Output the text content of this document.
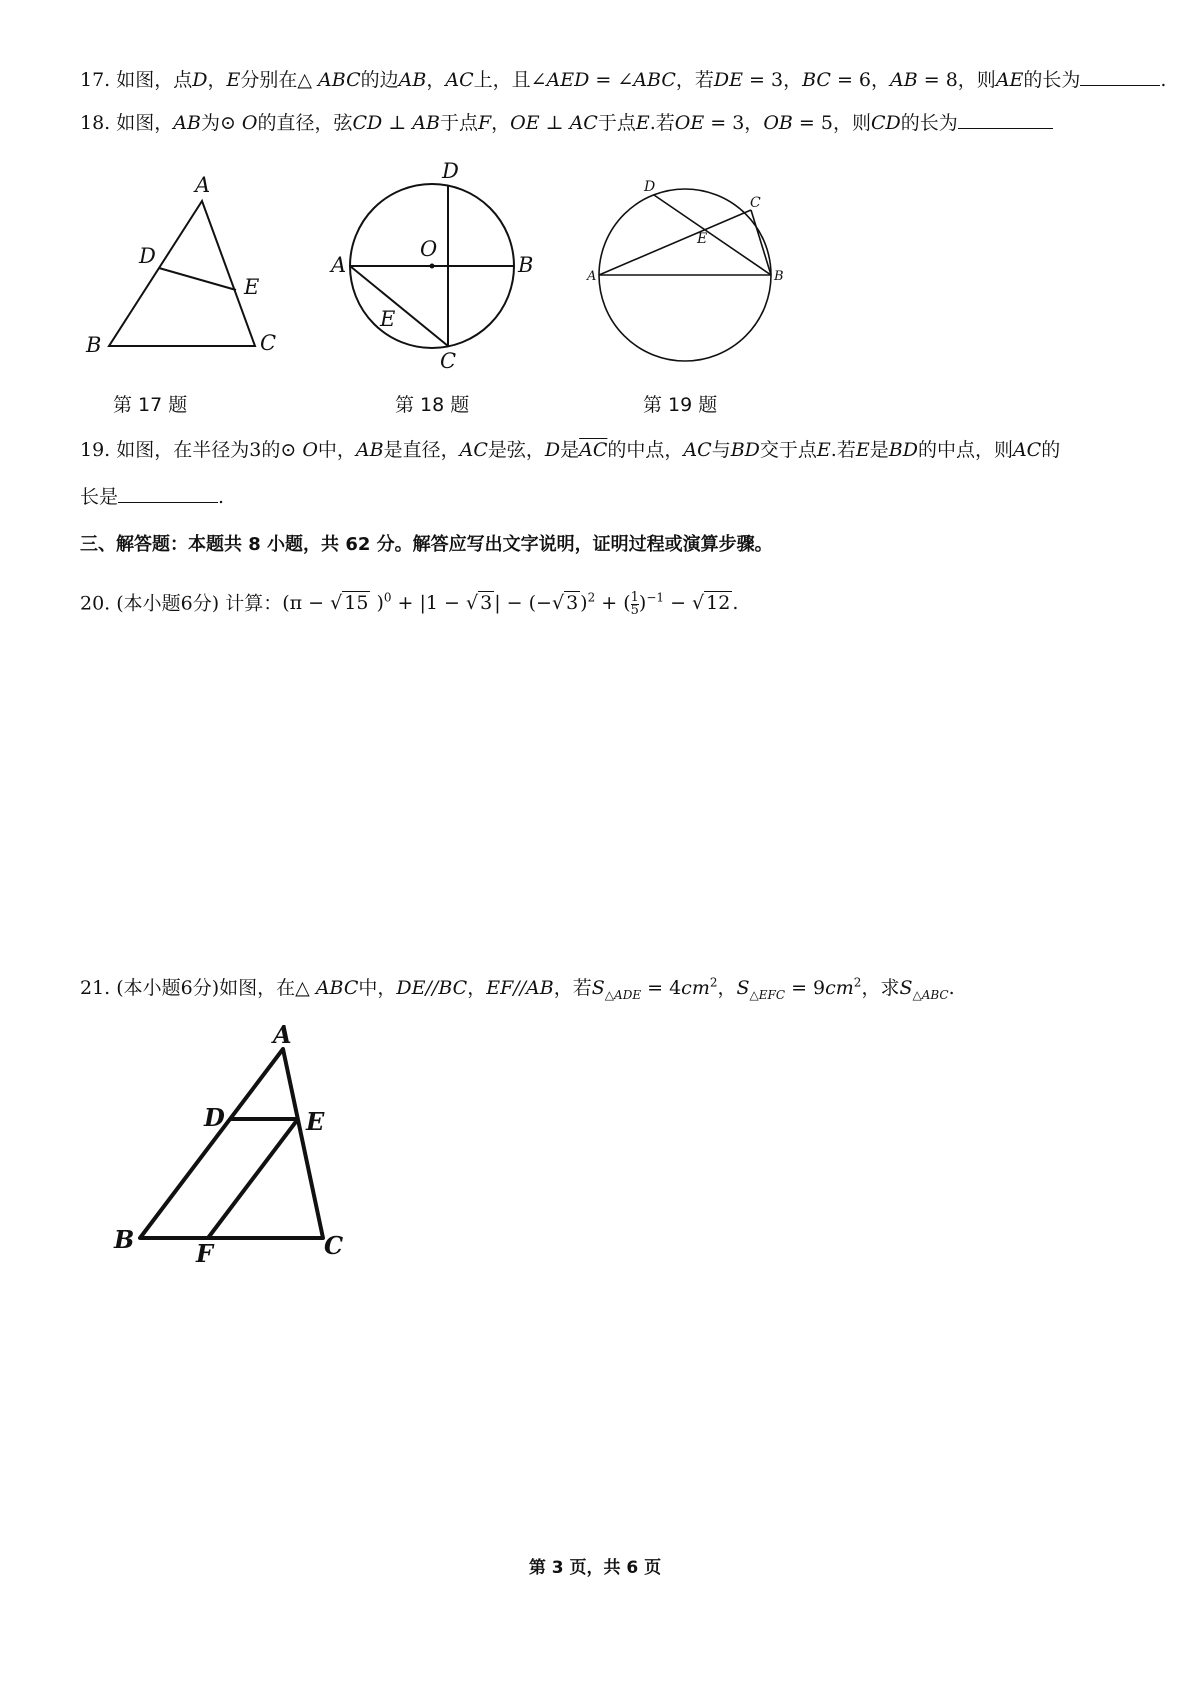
17. 如图，点D，E分别在△ ABC的边AB，AC上，且∠AED = ∠ABC，若DE = 3，BC = 6，AB = 8，则AE的长为	.
18. 如图，AB为⊙ O的直径，弦CD ⊥ AB于点F，OE ⊥ AC于点E.若OE = 3，OB = 5，则CD的长为
A
B	C
D
E
第 17 题
D
A	B
O
E
C
第 18 题
D
C
E
A	B
第 19 题
19. 如图，在半径为3的⊙ O中，AB是直径，AC是弦，D是$\overline{AC}$的中点，AC与BD交于点E.若E是BD的中点，则AC的
长是	.
三、解答题：本题共 8 小题，共 62 分。解答应写出文字说明，证明过程或演算步骤。
20. (本小题6分) 计算：(π − √ 15 )$^0$ + |1 − √ 3 | − (−√ 3 )$^2$ + ( $\frac{1}{5} )^{-1}$ − √ 12 .
21. (本小题6分)如图，在△ ABC中，DE//BC，EF//AB，若$S_{\triangle ADE} = 4cm^2$，$S_{\triangle EFC} = 9cm^2$，求$S_{\triangle ABC}$.
A
D	E
B	F	C
第 3 页，共 6 页
